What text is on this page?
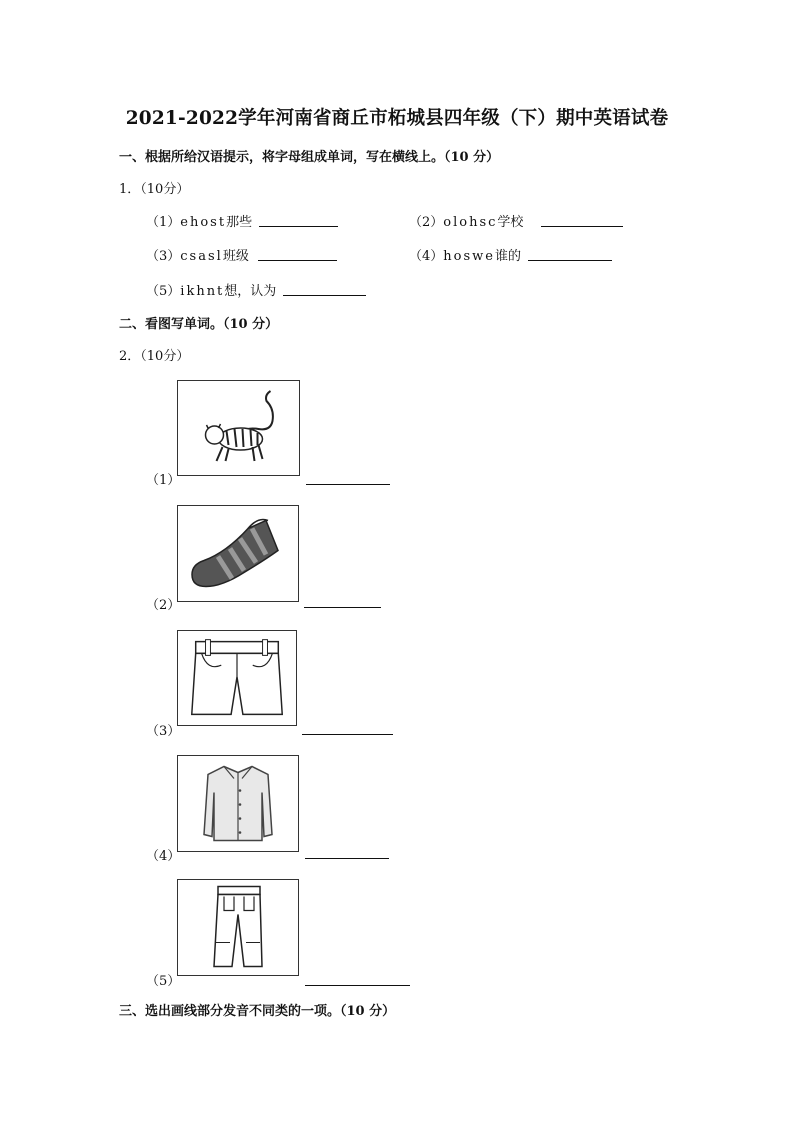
2021-2022学年河南省商丘市柘城县四年级（下）期中英语试卷
一、根据所给汉语提示，将字母组成单词，写在横线上。（10 分）
1．（10分）
（1）ehost那些	（2）olohsc学校
（3）csasl班级	（4）hoswe谁的
（5）ikhnt想，认为
二、看图写单词。（10 分）
2．（10分）
（1）
（2）
（3）
（4）
（5）
三、选出画线部分发音不同类的一项。（10 分）
